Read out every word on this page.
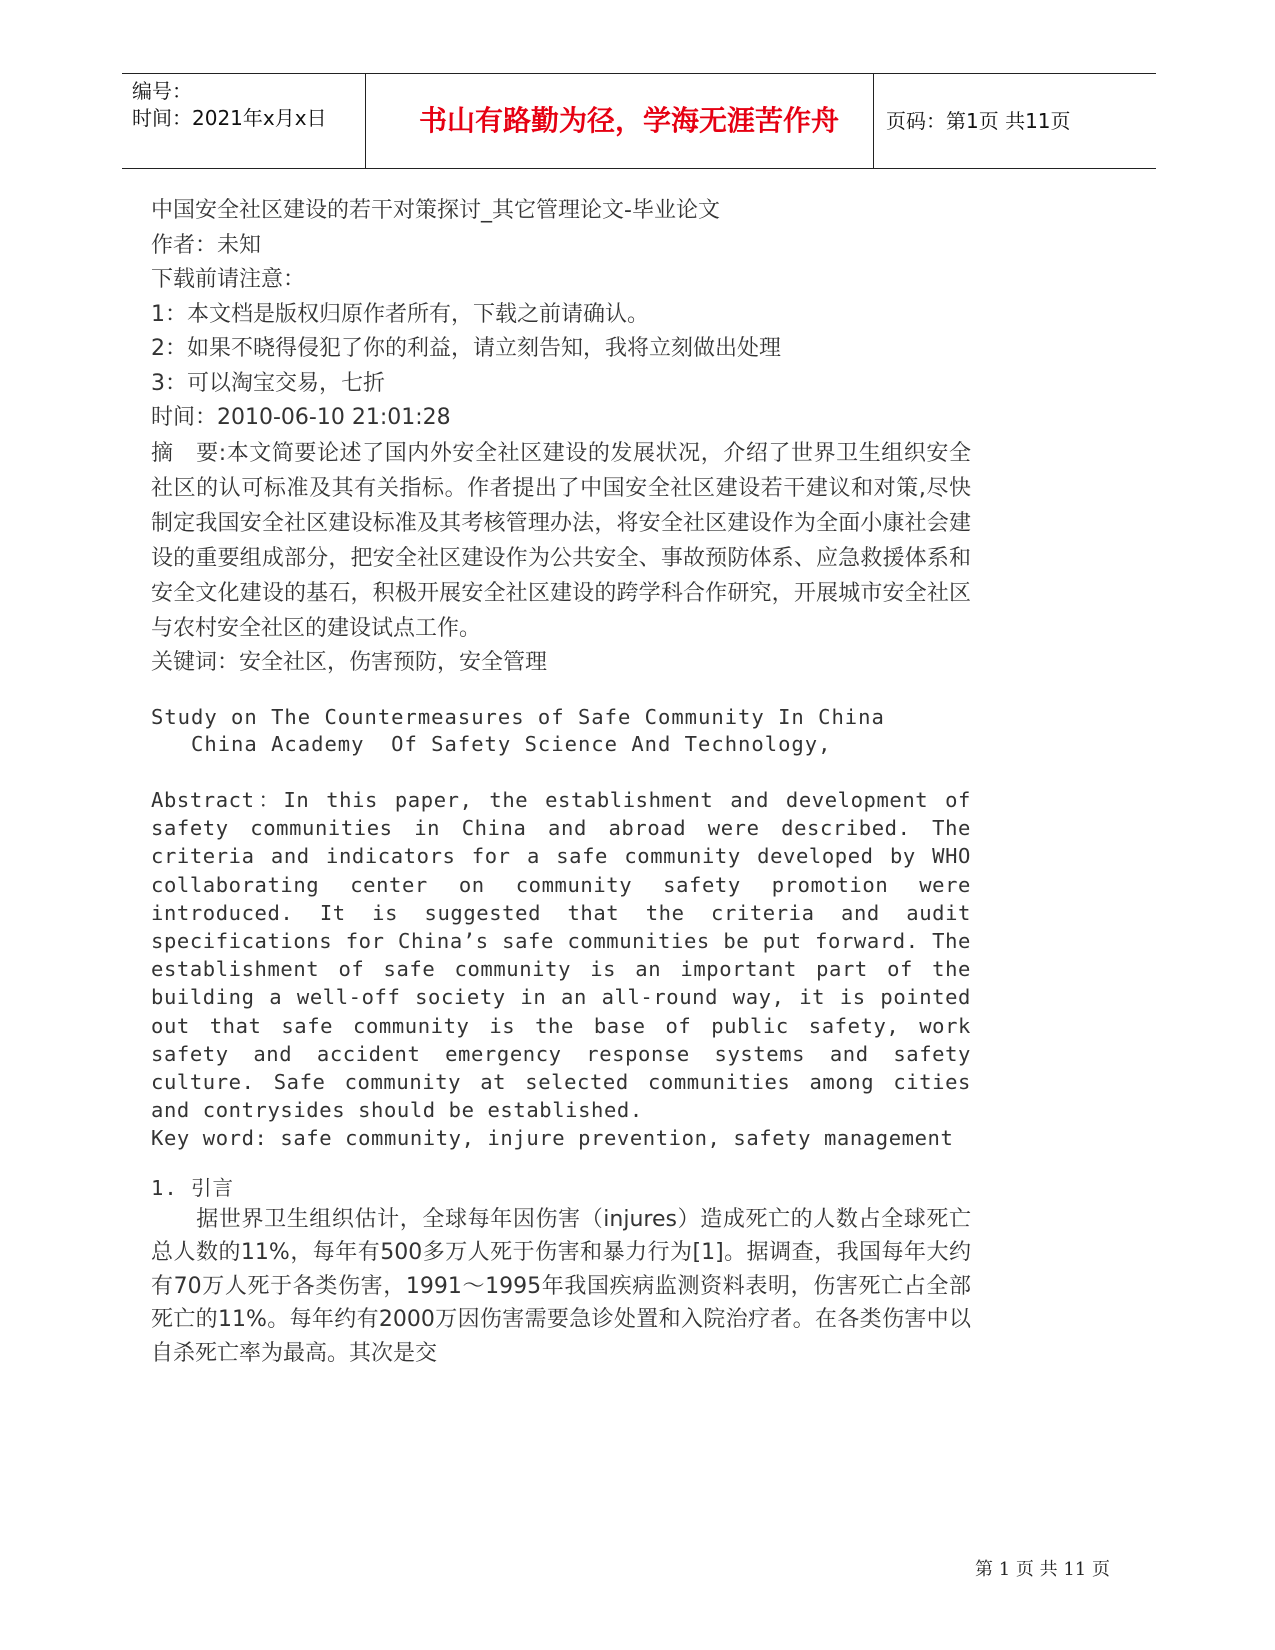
编号：
时间：2021年x月x日	书山有路勤为径，学海无涯苦作舟	页码：第1页 共11页

中国安全社区建设的若干对策探讨_其它管理论文-毕业论文

作者：未知

下载前请注意：

1：本文档是版权归原作者所有，下载之前请确认。

2：如果不晓得侵犯了你的利益，请立刻告知，我将立刻做出处理

3：可以淘宝交易，七折

时间：2010-06-10 21:01:28

摘　要:本文简要论述了国内外安全社区建设的发展状况，介绍了世界卫生组织安全社区的认可标准及其有关指标。作者提出了中国安全社区建设若干建议和对策,尽快制定我国安全社区建设标准及其考核管理办法，将安全社区建设作为全面小康社会建设的重要组成部分，把安全社区建设作为公共安全、事故预防体系、应急救援体系和安全文化建设的基石，积极开展安全社区建设的跨学科合作研究，开展城市安全社区与农村安全社区的建设试点工作。

关键词：安全社区，伤害预防，安全管理

Study on The Countermeasures of Safe Community In China

China Academy  Of Safety Science And Technology,

Abstract：In this paper, the establishment and development of safety communities in China and abroad were described. The criteria and indicators for a safe community developed by WHO collaborating center on community safety promotion were introduced. It is suggested that the criteria and audit specifications for China’s safe communities be put forward. The establishment of safe community is an important part of the building a well-off society in an all-round way, it is pointed out that safe community is the base of public safety, work safety and accident emergency response systems and safety culture. Safe community at selected communities among cities and contrysides should be established.

Key word: safe community, injure prevention, safety management

1. 引言

　　据世界卫生组织估计，全球每年因伤害（injures）造成死亡的人数占全球死亡总人数的11%，每年有500多万人死于伤害和暴力行为[1]。据调查，我国每年大约有70万人死于各类伤害，1991～1995年我国疾病监测资料表明，伤害死亡占全部死亡的11%。每年约有2000万因伤害需要急诊处置和入院治疗者。在各类伤害中以自杀死亡率为最高。其次是交

第 1 页 共 11 页
